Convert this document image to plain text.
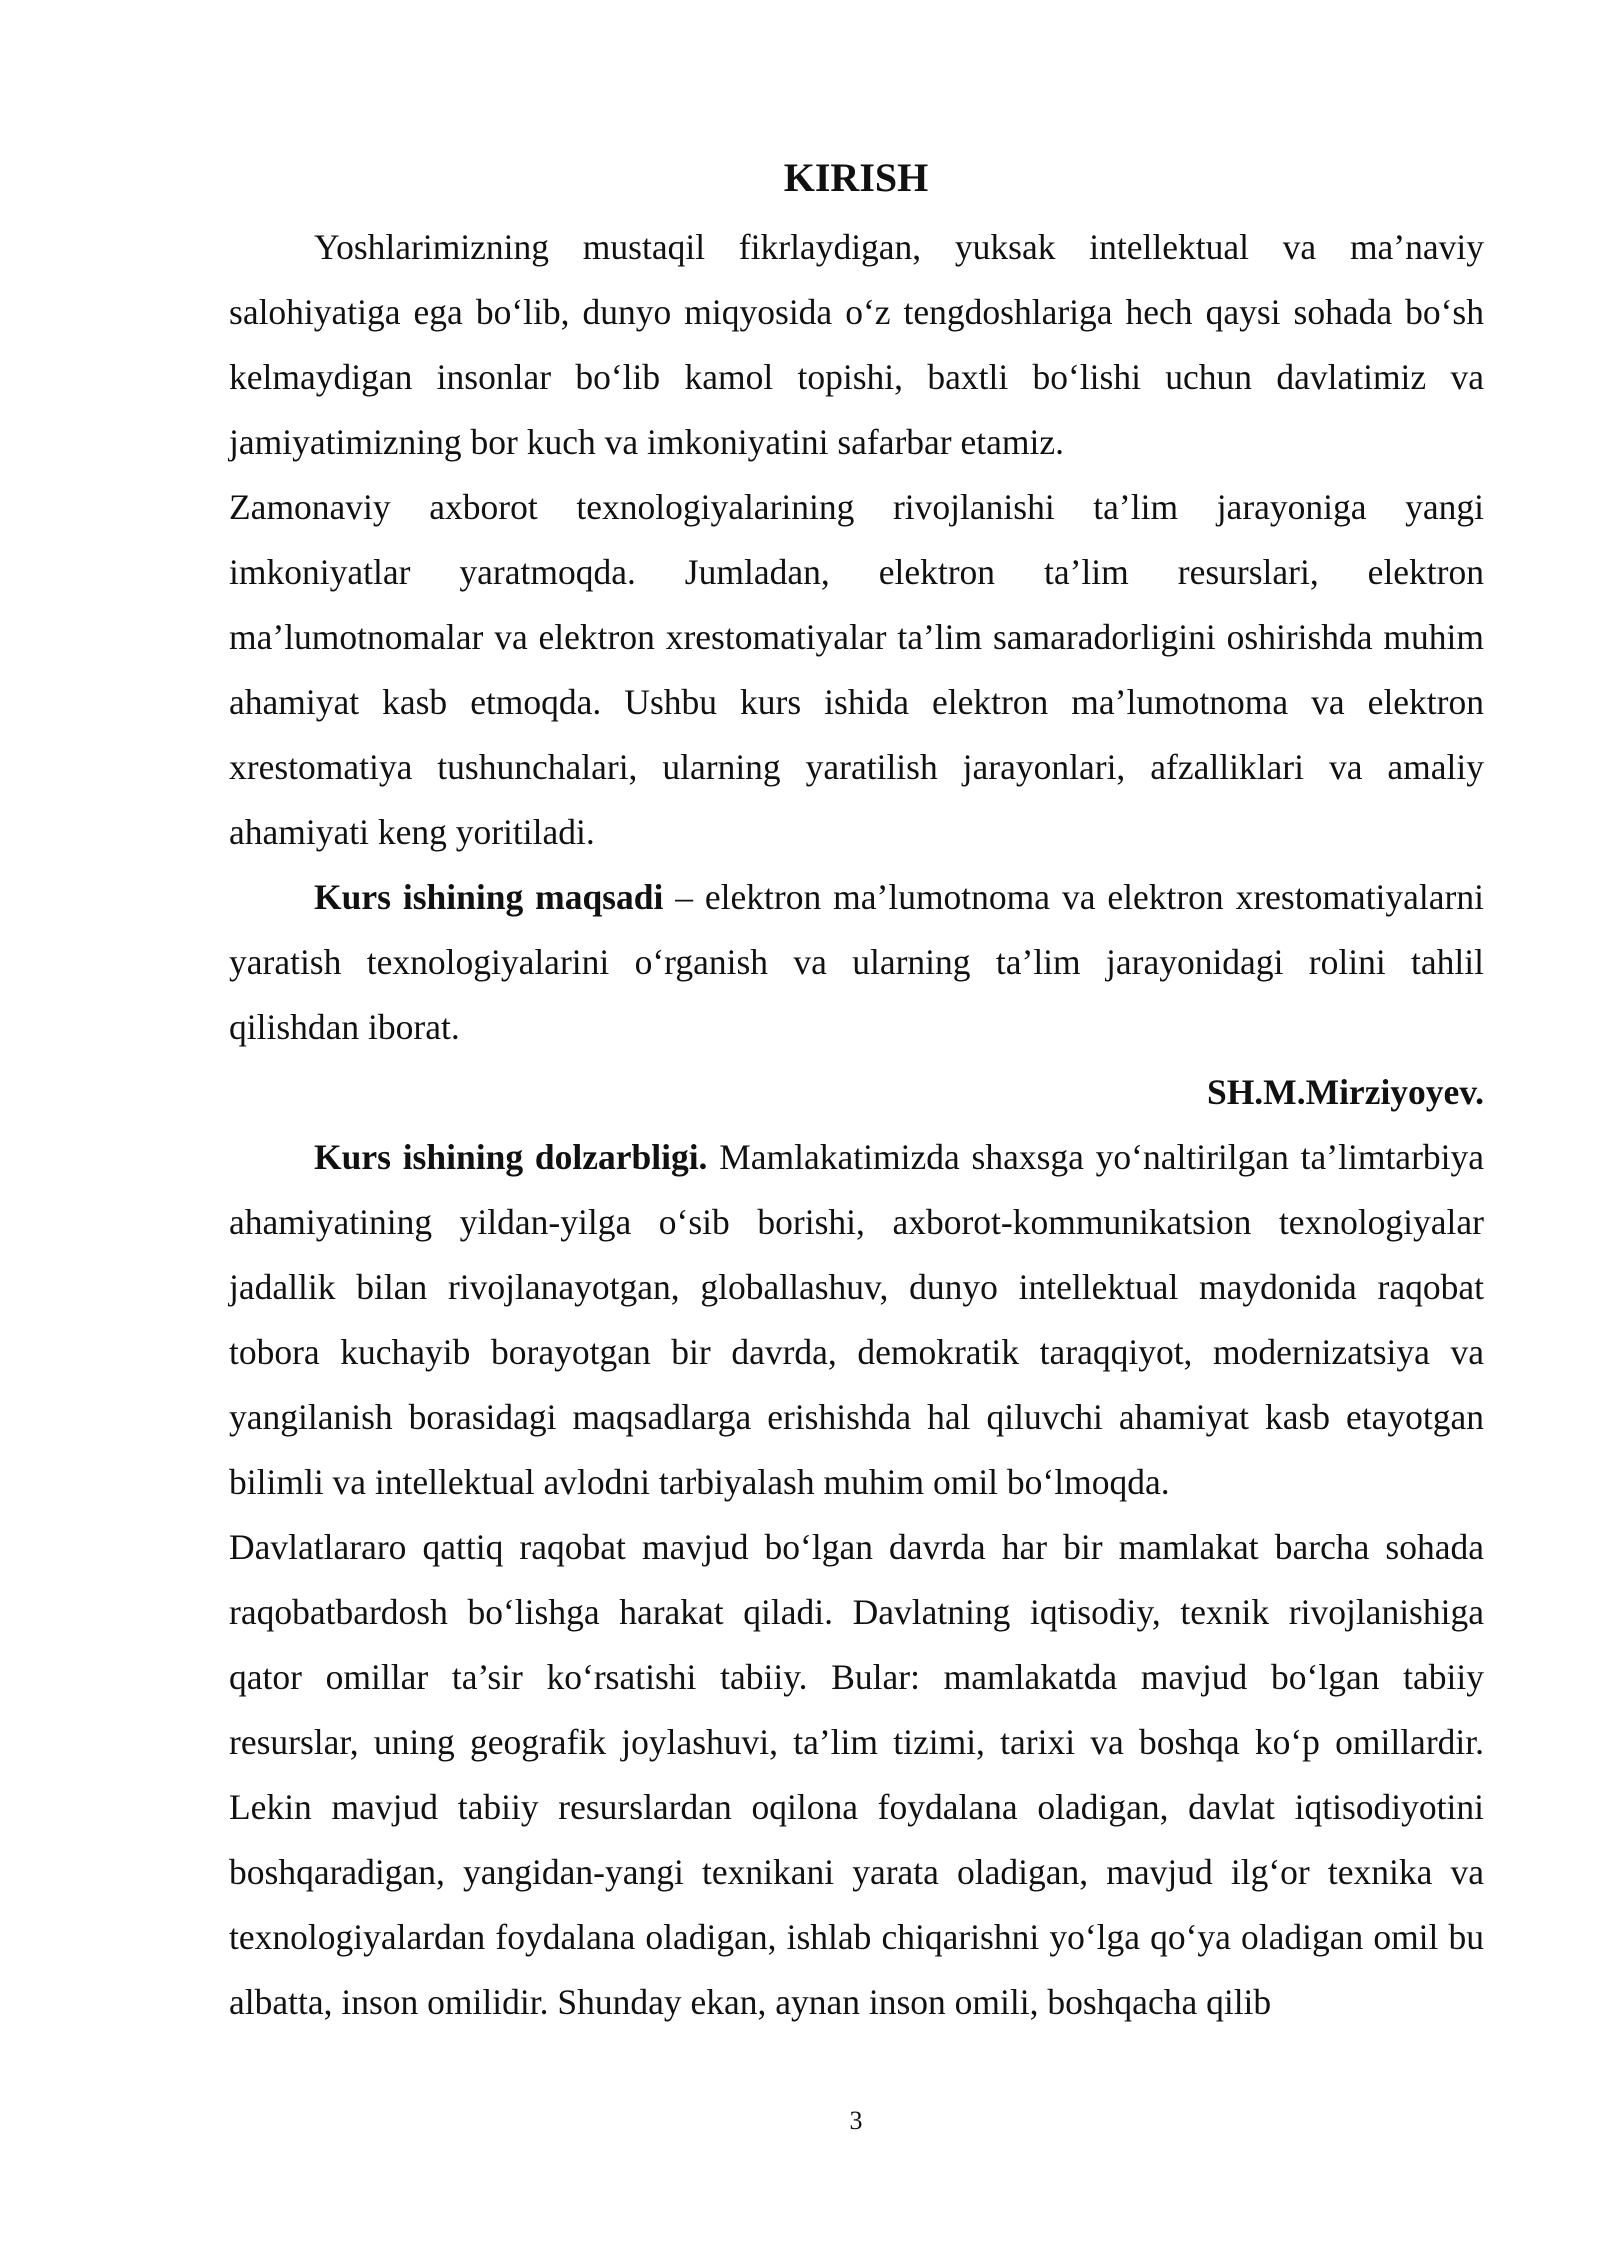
KIRISH

Yoshlarimizning mustaqil fikrlaydigan, yuksak intellektual va ma’naviy salohiyatiga ega bo‘lib, dunyo miqyosida o‘z tengdoshlariga hech qaysi sohada bo‘sh kelmaydigan insonlar bo‘lib kamol topishi, baxtli bo‘lishi uchun davlatimiz va jamiyatimizning bor kuch va imkoniyatini safarbar etamiz.

Zamonaviy axborot texnologiyalarining rivojlanishi ta’lim jarayoniga yangi imkoniyatlar yaratmoqda. Jumladan, elektron ta’lim resurslari, elektron ma’lumotnomalar va elektron xrestomatiyalar ta’lim samaradorligini oshirishda muhim ahamiyat kasb etmoqda. Ushbu kurs ishida elektron ma’lumotnoma va elektron xrestomatiya tushunchalari, ularning yaratilish jarayonlari, afzalliklari va amaliy ahamiyati keng yoritiladi.

Kurs ishining maqsadi – elektron ma’lumotnoma va elektron xrestomatiyalarni yaratish texnologiyalarini o‘rganish va ularning ta’lim jarayonidagi rolini tahlil qilishdan iborat.

SH.M.Mirziyoyev.

Kurs ishining dolzarbligi. Mamlakatimizda shaxsga yo‘naltirilgan ta’limtarbiya ahamiyatining yildan-yilga o‘sib borishi, axborot-kommunikatsion texnologiyalar jadallik bilan rivojlanayotgan, globallashuv, dunyo intellektual maydonida raqobat tobora kuchayib borayotgan bir davrda, demokratik taraqqiyot, modernizatsiya va yangilanish borasidagi maqsadlarga erishishda hal qiluvchi ahamiyat kasb etayotgan bilimli va intellektual avlodni tarbiyalash muhim omil bo‘lmoqda.

Davlatlararo qattiq raqobat mavjud bo‘lgan davrda har bir mamlakat barcha sohada raqobatbardosh bo‘lishga harakat qiladi. Davlatning iqtisodiy, texnik rivojlanishiga qator omillar ta’sir ko‘rsatishi tabiiy. Bular: mamlakatda mavjud bo‘lgan tabiiy resurslar, uning geografik joylashuvi, ta’lim tizimi, tarixi va boshqa ko‘p omillardir. Lekin mavjud tabiiy resurslardan oqilona foydalana oladigan, davlat iqtisodiyotini boshqaradigan, yangidan-yangi texnikani yarata oladigan, mavjud ilg‘or texnika va texnologiyalardan foydalana oladigan, ishlab chiqarishni yo‘lga qo‘ya oladigan omil bu albatta, inson omilidir. Shunday ekan, aynan inson omili, boshqacha qilib

3
